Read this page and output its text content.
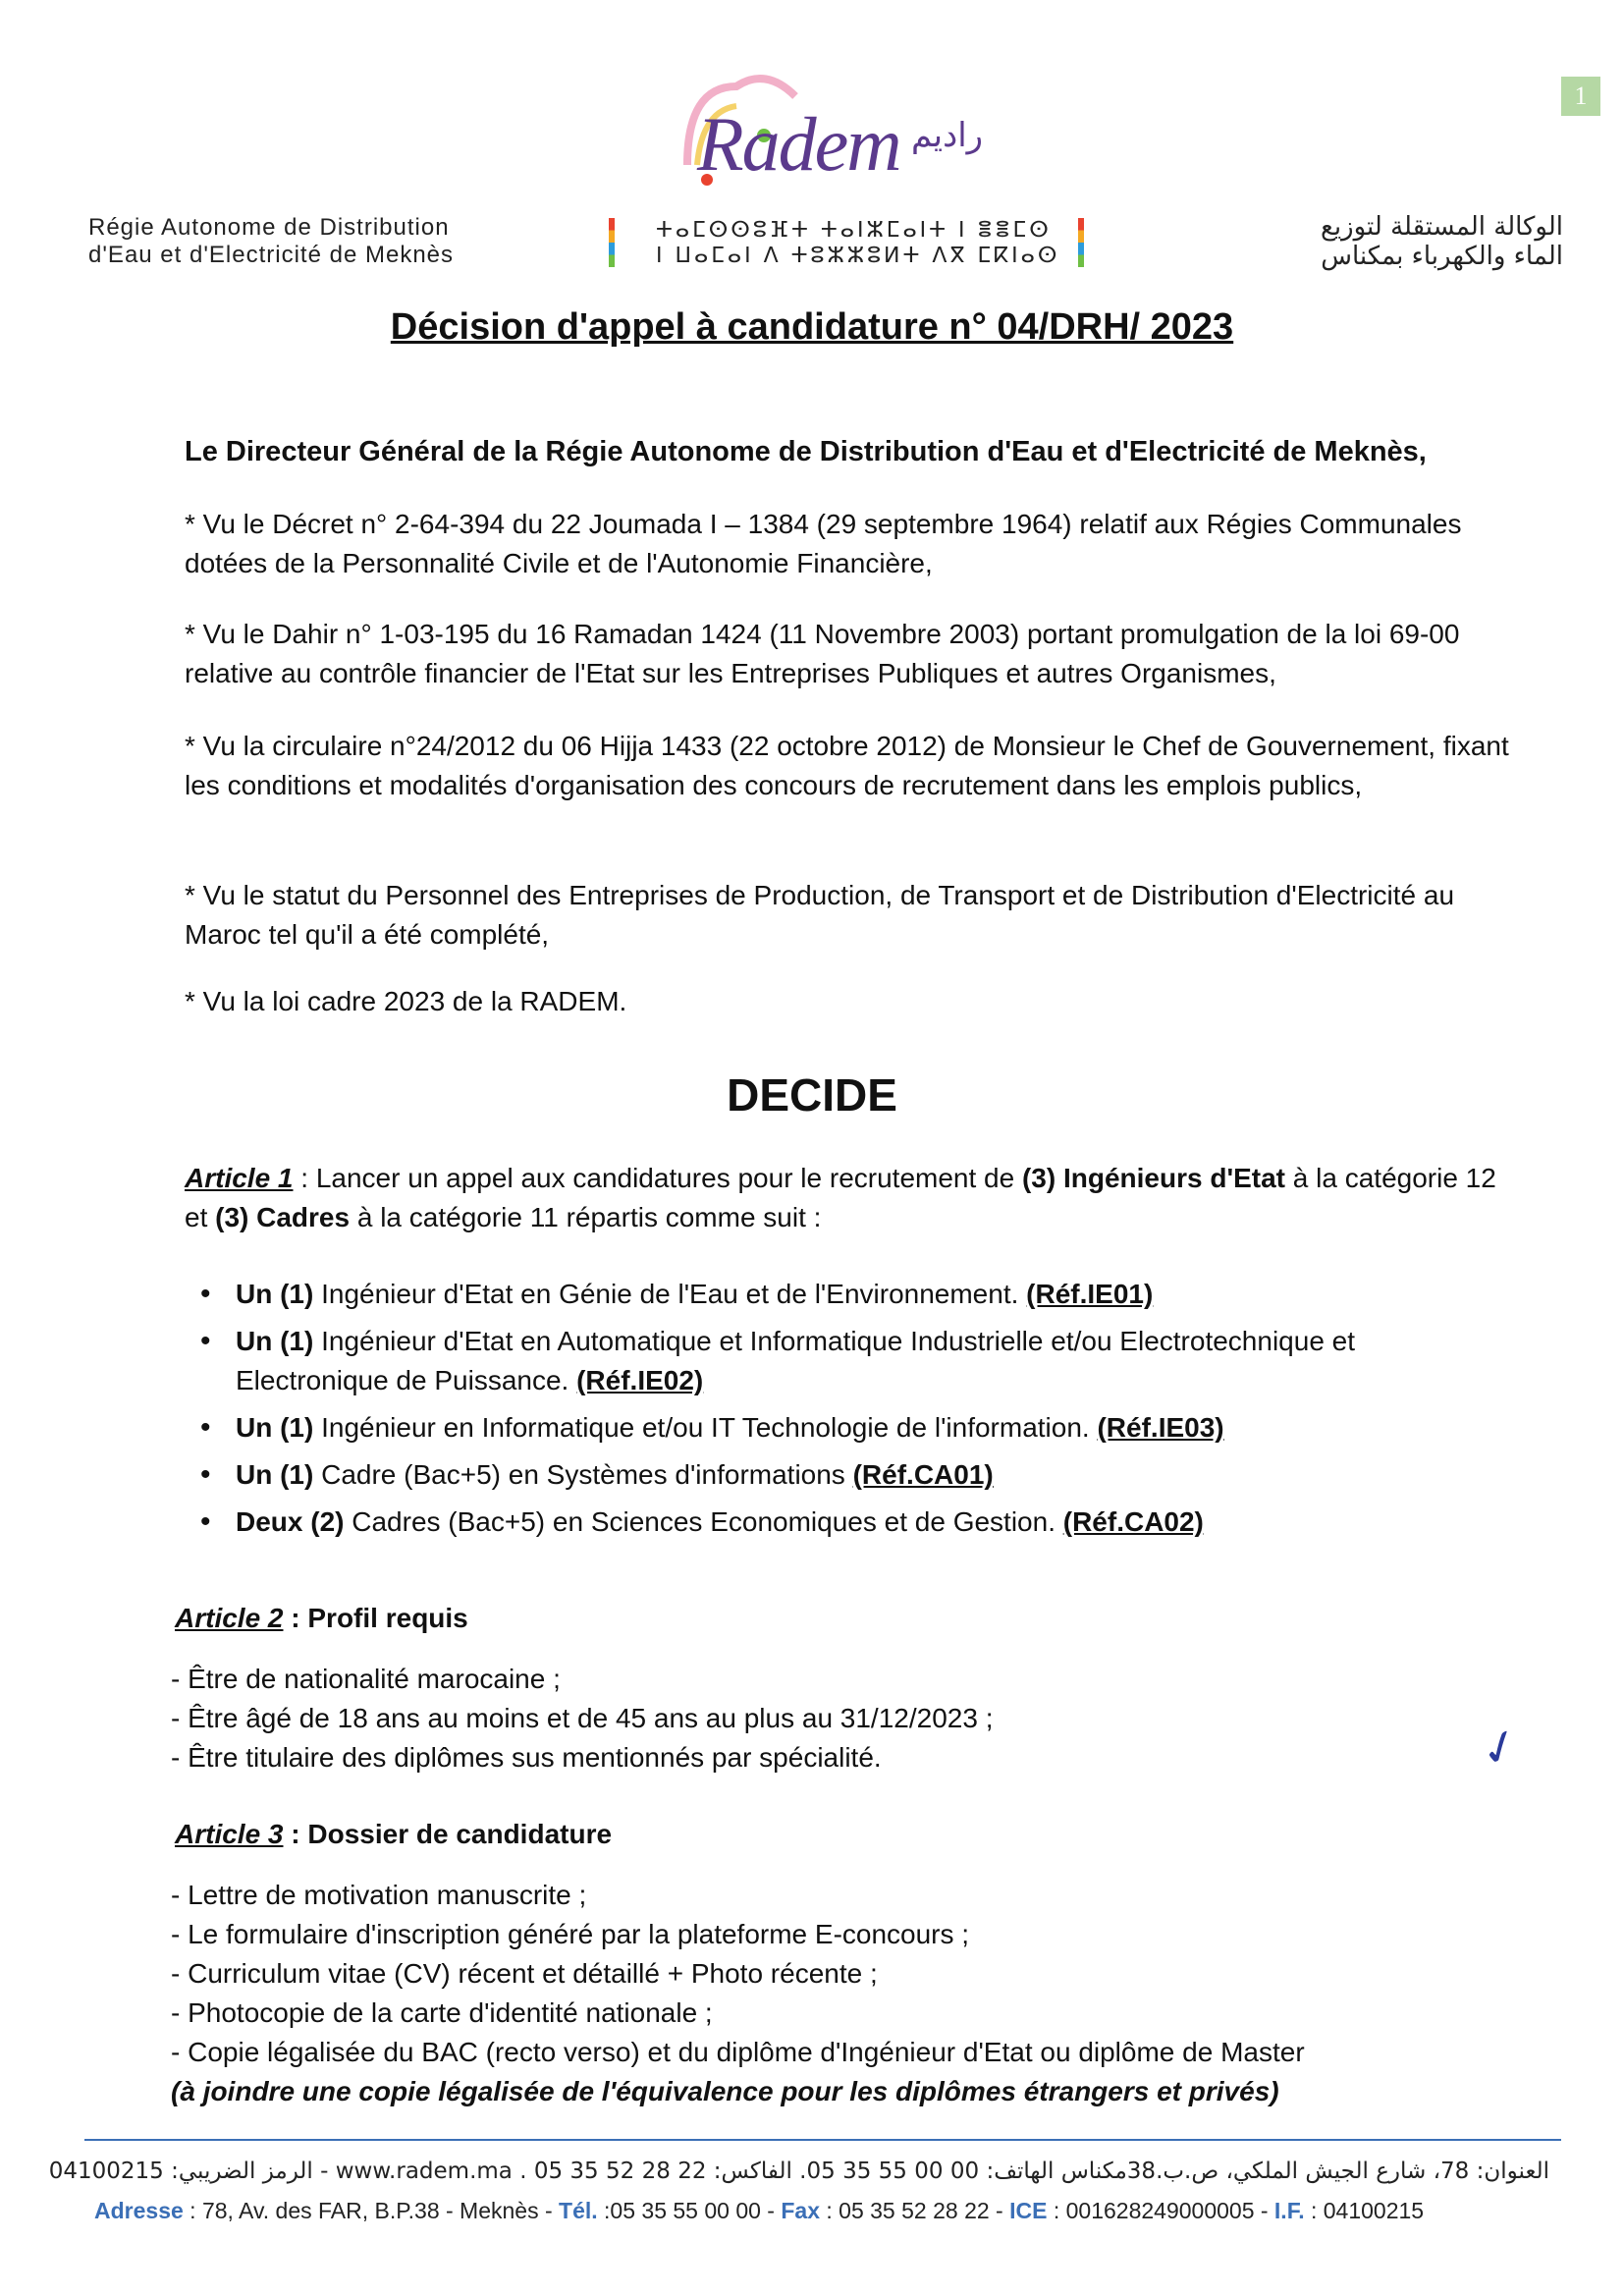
1
Radem راديم
Régie Autonome de Distribution
d'Eau et d'Electricité de Meknès
ⵜⴰⵎⵙⵙⵓⴼⵜ ⵜⴰⵏⵣⵎⴰⵏⵜ ⵏ ⴻⴻⵎⵙ
ⵏ ⵡⴰⵎⴰⵏ ⴷ ⵜⵓⵣⵣⵓⵍⵜ ⴷⴳ ⵎⴽⵏⴰⵙ
الوكالة المستقلة لتوزيع
الماء والكهرباء بمكناس
Décision d'appel à candidature n° 04/DRH/ 2023
Le Directeur Général de la Régie Autonome de Distribution d'Eau et d'Electricité de Meknès,
* Vu le Décret n° 2-64-394 du 22 Joumada I – 1384 (29 septembre 1964) relatif aux Régies Communales dotées de la Personnalité Civile et de l'Autonomie Financière,
* Vu le Dahir n° 1-03-195 du 16 Ramadan 1424 (11 Novembre 2003) portant promulgation de la loi 69-00 relative au contrôle financier de l'Etat sur les Entreprises Publiques et autres Organismes,
* Vu la circulaire n°24/2012 du 06 Hijja 1433 (22 octobre 2012) de Monsieur le Chef de Gouvernement, fixant les conditions et modalités d'organisation des concours de recrutement dans les emplois publics,
* Vu le statut du Personnel des Entreprises de Production, de Transport et de Distribution d'Electricité au Maroc tel qu'il a été complété,
* Vu la loi cadre 2023 de la RADEM.
DECIDE
Article 1 : Lancer un appel aux candidatures pour le recrutement de (3) Ingénieurs d'Etat à la catégorie 12 et (3) Cadres à la catégorie 11 répartis comme suit :
• Un (1) Ingénieur d'Etat en Génie de l'Eau et de l'Environnement. (Réf.IE01)
• Un (1) Ingénieur d'Etat en Automatique et Informatique Industrielle et/ou Electrotechnique et Electronique de Puissance. (Réf.IE02)
• Un (1) Ingénieur en Informatique et/ou IT Technologie de l'information. (Réf.IE03)
• Un (1) Cadre (Bac+5) en Systèmes d'informations (Réf.CA01)
• Deux (2) Cadres (Bac+5) en Sciences Economiques et de Gestion. (Réf.CA02)
Article 2 : Profil requis
- Être de nationalité marocaine ;
- Être âgé de 18 ans au moins et de 45 ans au plus au 31/12/2023 ;
- Être titulaire des diplômes sus mentionnés par spécialité.	✓
Article 3 : Dossier de candidature
- Lettre de motivation manuscrite ;
- Le formulaire d'inscription généré par la plateforme E-concours ;
- Curriculum vitae (CV) récent et détaillé + Photo récente ;
- Photocopie de la carte d'identité nationale ;
- Copie légalisée du BAC (recto verso) et du diplôme d'Ingénieur d'Etat ou diplôme de Master
(à joindre une copie légalisée de l'équivalence pour les diplômes étrangers et privés)
العنوان: 78، شارع الجيش الملكي، ص.ب.38مكناس الهاتف: 00 00 55 35 05. الفاكس: 22 28 52 35 05 . www.radem.ma - الرمز الضريبي: 04100215
Adresse : 78, Av. des FAR, B.P.38 - Meknès - Tél. :05 35 55 00 00 - Fax : 05 35 52 28 22 - ICE : 001628249000005 - I.F. : 04100215
